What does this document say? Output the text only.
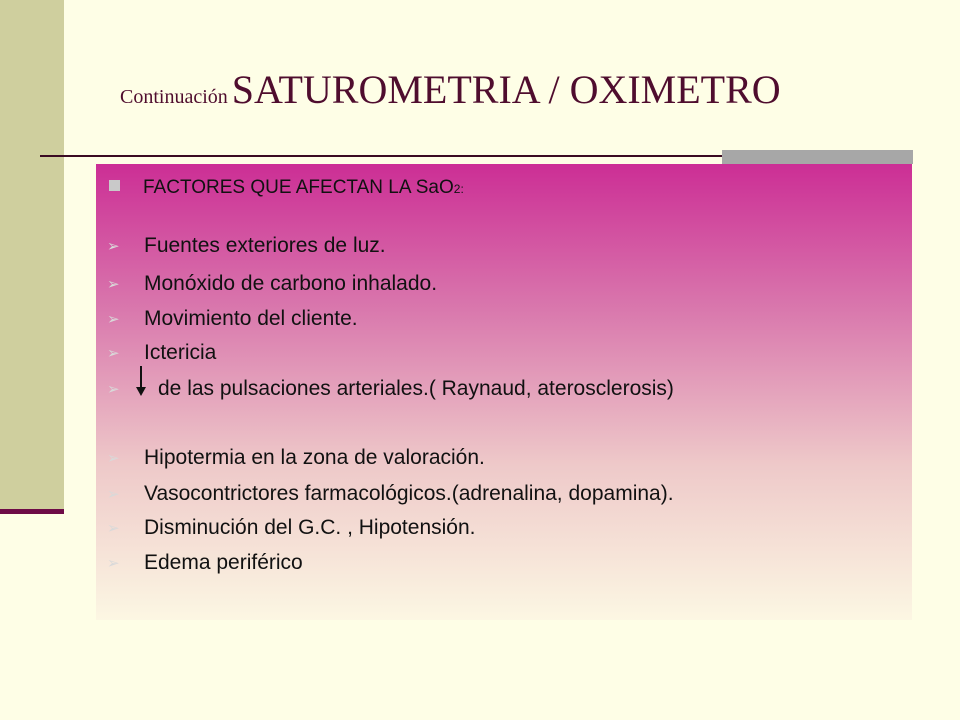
Continuación SATUROMETRIA / OXIMETRO
FACTORES QUE AFECTAN LA SaO2:
➢ Fuentes exteriores de luz.
➢ Monóxido de carbono inhalado.
➢ Movimiento del cliente.
➢ Ictericia
➢ de las pulsaciones arteriales.( Raynaud, aterosclerosis)
➢ Hipotermia en la zona de valoración.
➢ Vasocontrictores farmacológicos.(adrenalina, dopamina).
➢ Disminución del G.C. , Hipotensión.
➢ Edema periférico
